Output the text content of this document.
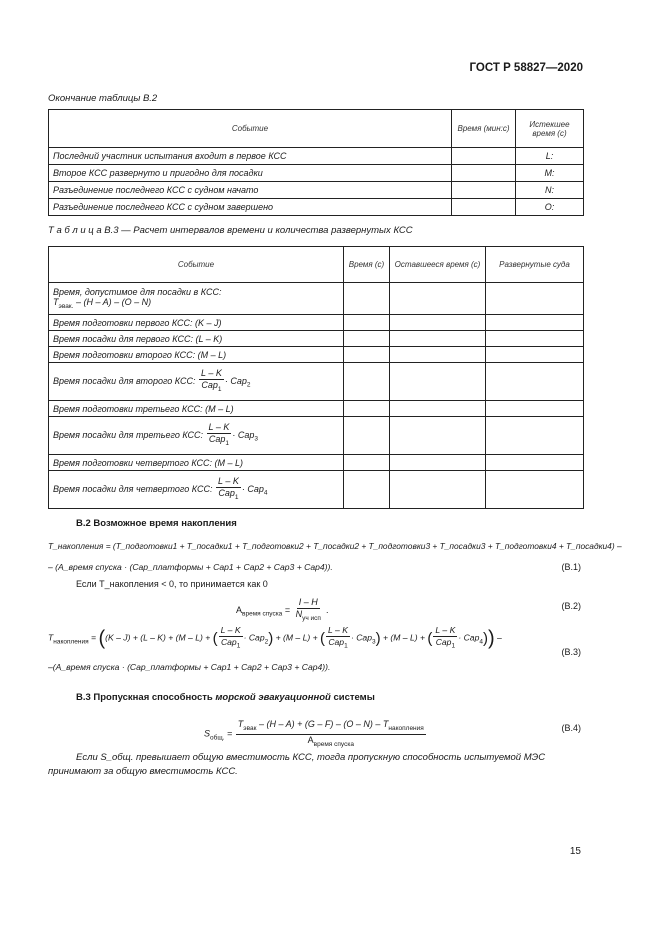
ГОСТ Р 58827—2020
Окончание таблицы В.2
Событие	Время (мин:с)	Истекшее время (с)
Последний участник испытания входит в первое КСС		L:
Второе КСС развернуто и пригодно для посадки		M:
Разъединение последнего КСС с судном начато		N:
Разъединение последнего КСС с судном завершено		O:
Т а б л и ц а В.3 — Расчет интервалов времени и количества развернутых КСС
Событие	Время (с)	Оставшееся время (с)	Развернутые суда

Время, допустимое для посадки в КСС:
$T_{эвак.} - (H - A) - (O - N)$			

Время подготовки первого КСС: (K – J)			
Время посадки для первого КСС: (L – K)			
Время подготовки второго КСС: (M – L)			
Время посадки для второго КСС: $\frac{L - K}{Cap_1} \cdot Cap_2$			
Время подготовки третьего КСС: (M – L)			
Время посадки для третьего КСС: $\frac{L - K}{Cap_1} \cdot Cap_3$			
Время подготовки четвертого КСС: (M – L)			
Время посадки для четвертого КСС: $\frac{L - K}{Cap_1} \cdot Cap_4$			
В.2 Возможное время накопления
T_накопления = (T_подготовки1 + T_посадки1 + T_подготовки2 + T_посадки2 + T_подготовки3 + T_посадки3 + T_подготовки4 + T_посадки4) –
– (A_время спуска · (Cap_платформы + Cap1 + Cap2 + Cap3 + Cap4)).	(В.1)
Если T_накопления < 0, то принимается как 0
$A_{время спуска} = \frac{I - H}{N_{уч исп}}$ .	(В.2)
$T_{накопления} = ((K - J) + (L - K) + (M - L)$ + ( $\frac{L - K}{Cap_1} \cdot Cap_2) + (M - L)$ + ( $\frac{L - K}{Cap_1} \cdot Cap_3) + (M - L)$ + ( $\frac{L - K}{Cap_1} \cdot Cap_4$)) –
(В.3)
–(A_время спуска · (Cap_платформы + Cap1 + Cap2 + Cap3 + Cap4)).
В.3 Пропускная способность морской эвакуационной системы
$S_{общ.} = \frac{T_{эвак} - (H - A) + (G - F) - (O - N) - T_{накопления}}{A_{время спуска}}$	(В.4)
Если S_общ. превышает общую вместимость КСС, тогда пропускную способность испытуемой МЭС принимают за общую вместимость КСС.
15
